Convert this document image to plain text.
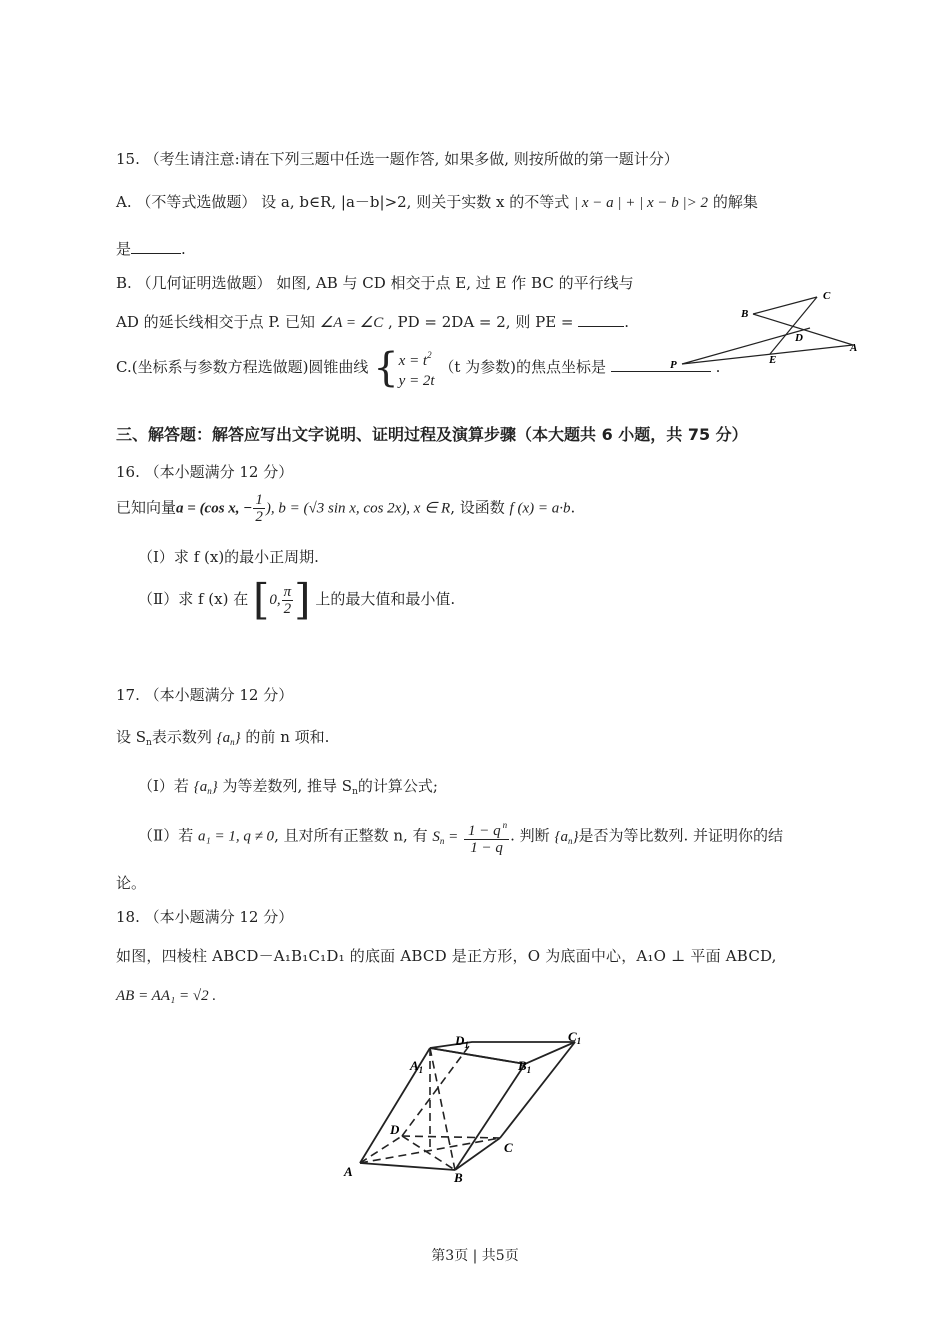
15. （考生请注意:请在下列三题中任选一题作答, 如果多做, 则按所做的第一题计分）
A. （不等式选做题） 设 a, b∈R, |a－b|>2, 则关于实数 x 的不等式 | x − a | + | x − b |> 2 的解集
是	.
B. （几何证明选做题） 如图, AB 与 CD 相交于点 E, 过 E 作 BC 的平行线与
AD 的延长线相交于点 P. 已知 ∠A = ∠C , PD = 2DA = 2, 则 PE =	.
C.(坐标系与参数方程选做题)圆锥曲线 { $x = t^2$
y = 2t
（t 为参数)的焦点坐标是	.
C
B
D
E
A
P
三、解答题：解答应写出文字说明、证明过程及演算步骤（本大题共 6 小题，共 75 分）
16. （本小题满分 12 分）
已知向量a = (cos x, − $\frac{1}{2}$ ), b = (√3 sin x, cos 2x), x ∈ R, 设函数 f (x) = a·b.
（Ⅰ）求 f (x)的最小正周期.
（Ⅱ）求 f (x) 在 [ 0, $\frac{\pi}{2}$ ] 上的最大值和最小值.
17. （本小题满分 12 分）
设 $S_n$表示数列 $\{a_n\}$ 的前 n 项和.
（Ⅰ）若 $\{a_n\}$ 为等差数列, 推导 $S_n$的计算公式;
（Ⅱ）若 a₁ = 1, q ≠ 0, 且对所有正整数 n, 有 $S_n = \frac{1 - q ^n}{1 - q}$ . 判断 $\{a_n\}$是否为等比数列. 并证明你的结
论。
18. （本小题满分 12 分）
如图，四棱柱 ABCD－A₁B₁C₁D₁ 的底面 ABCD 是正方形，O 为底面中心，A₁O ⊥ 平面 ABCD,
AB = AA₁ = √2 .
$D_1$
$C_1$
$A_1$	$B_1$
D
C
A	B
第3页 | 共5页
